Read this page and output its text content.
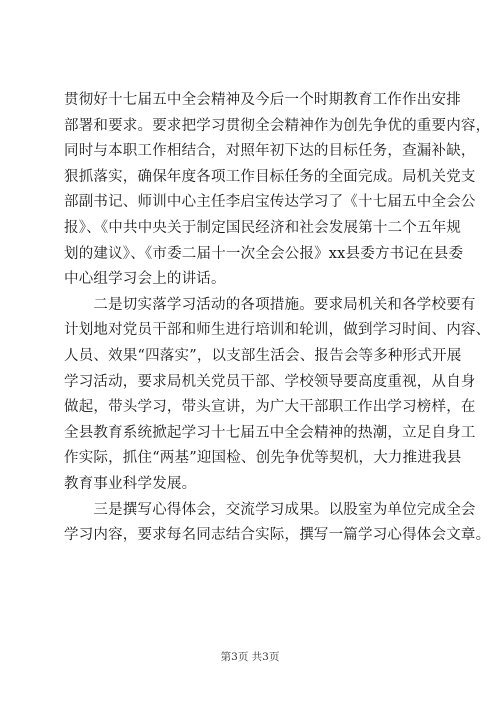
贯彻好十七届五中全会精神及今后一个时期教育工作作出安排
部署和要求。要求把学习贯彻全会精神作为创先争优的重要内容，
同时与本职工作相结合，对照年初下达的目标任务，查漏补缺，
狠抓落实，确保年度各项工作目标任务的全面完成。局机关党支
部副书记、师训中心主任李启宝传达学习了《十七届五中全会公
报》、《中共中央关于制定国民经济和社会发展第十二个五年规
划的建议》、《市委二届十一次全会公报》xx县委方书记在县委
中心组学习会上的讲话。
　　二是切实落学习活动的各项措施。要求局机关和各学校要有
计划地对党员干部和师生进行培训和轮训，做到学习时间、内容、
人员、效果“四落实”，以支部生活会、报告会等多种形式开展
学习活动，要求局机关党员干部、学校领导要高度重视，从自身
做起，带头学习，带头宣讲，为广大干部职工作出学习榜样，在
全县教育系统掀起学习十七届五中全会精神的热潮，立足自身工
作实际，抓住“两基”迎国检、创先争优等契机，大力推进我县
教育事业科学发展。
　　三是撰写心得体会，交流学习成果。以股室为单位完成全会
学习内容，要求每名同志结合实际，撰写一篇学习心得体会文章。
第3页 共3页
